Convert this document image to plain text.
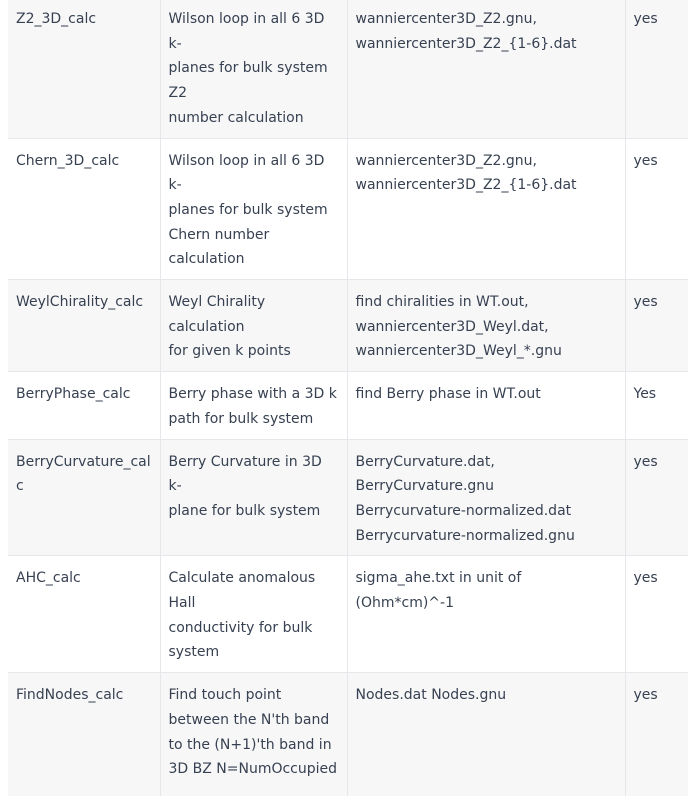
Z2_3D_calc	Wilson loop in all 6 3D k-
planes for bulk system Z2
number calculation	wanniercenter3D_Z2.gnu,
wanniercenter3D_Z2_{1-6}.dat	yes
Chern_3D_calc	Wilson loop in all 6 3D k-
planes for bulk system
Chern number
calculation	wanniercenter3D_Z2.gnu,
wanniercenter3D_Z2_{1-6}.dat	yes
WeylChirality_calc	Weyl Chirality calculation
for given k points	find chiralities in WT.out,
wanniercenter3D_Weyl.dat,
wanniercenter3D_Weyl_*.gnu	yes
BerryPhase_calc	Berry phase with a 3D k
path for bulk system	find Berry phase in WT.out	Yes
BerryCurvature_calc	Berry Curvature in 3D k-
plane for bulk system	BerryCurvature.dat, BerryCurvature.gnu
Berrycurvature-normalized.dat
Berrycurvature-normalized.gnu	yes
AHC_calc	Calculate anomalous Hall
conductivity for bulk
system	sigma_ahe.txt in unit of (Ohm*cm)^-1	yes
FindNodes_calc	Find touch point
between the N'th band
to the (N+1)'th band in
3D BZ N=NumOccupied	Nodes.dat Nodes.gnu	yes
